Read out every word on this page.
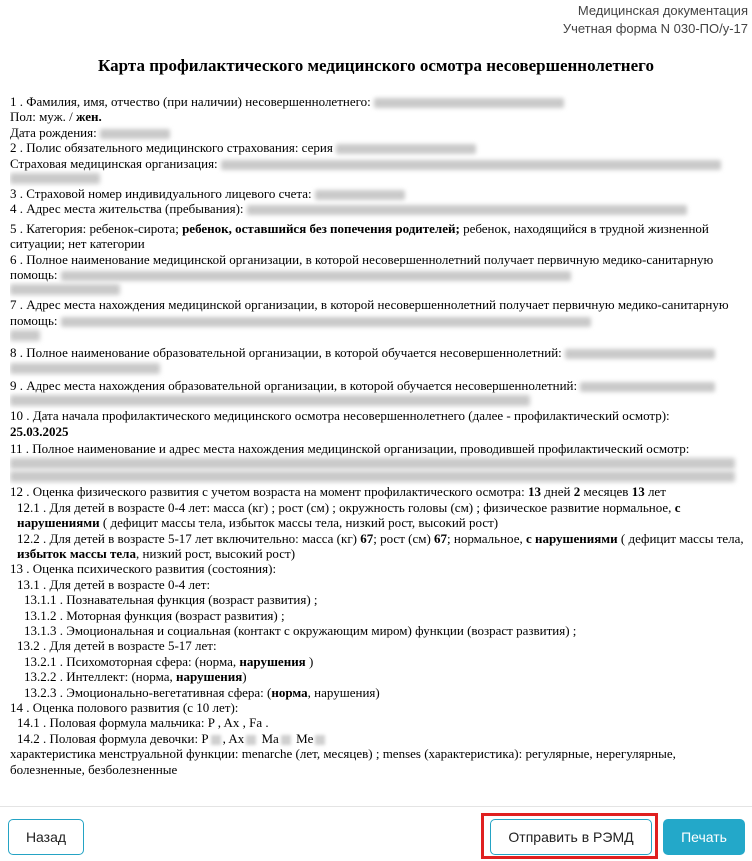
Медицинская документация
Учетная форма N 030-ПО/у-17
Карта профилактического медицинского осмотра несовершеннолетнего
1 . Фамилия, имя, отчество (при наличии) несовершеннолетнего:
Пол: муж. / жен.
Дата рождения:
2 . Полис обязательного медицинского страхования: серия
Страховая медицинская организация:
3 . Страховой номер индивидуального лицевого счета:
4 . Адрес места жительства (пребывания):
5 . Категория: ребенок-сирота; ребенок, оставшийся без попечения родителей; ребенок, находящийся в трудной жизненной ситуации; нет категории
6 . Полное наименование медицинской организации, в которой несовершеннолетний получает первичную медико-санитарную помощь:
7 . Адрес места нахождения медицинской организации, в которой несовершеннолетний получает первичную медико-санитарную помощь:
8 . Полное наименование образовательной организации, в которой обучается несовершеннолетний:
9 . Адрес места нахождения образовательной организации, в которой обучается несовершеннолетний:
10 . Дата начала профилактического медицинского осмотра несовершеннолетнего (далее - профилактический осмотр):
25.03.2025
11 . Полное наименование и адрес места нахождения медицинской организации, проводившей профилактический осмотр:
12 . Оценка физического развития с учетом возраста на момент профилактического осмотра: 13 дней 2 месяцев 13 лет
12.1 . Для детей в возрасте 0-4 лет: масса (кг) ; рост (см) ; окружность головы (см) ; физическое развитие нормальное, с нарушениями ( дефицит массы тела, избыток массы тела, низкий рост, высокий рост)
12.2 . Для детей в возрасте 5-17 лет включительно: масса (кг) 67; рост (см) 67; нормальное, с нарушениями ( дефицит массы тела, избыток массы тела, низкий рост, высокий рост)
13 . Оценка психического развития (состояния):
13.1 . Для детей в возрасте 0-4 лет:
13.1.1 . Познавательная функция (возраст развития) ;
13.1.2 . Моторная функция (возраст развития) ;
13.1.3 . Эмоциональная и социальная (контакт с окружающим миром) функции (возраст развития) ;
13.2 . Для детей в возрасте 5-17 лет:
13.2.1 . Психомоторная сфера: (норма, нарушения )
13.2.2 . Интеллект: (норма, нарушения)
13.2.3 . Эмоционально-вегетативная сфера: (норма, нарушения)
14 . Оценка полового развития (с 10 лет):
14.1 . Половая формула мальчика: P , Ax , Fa .
14.2 . Половая формула девочки: P , Ax Ma Me
характеристика менструальной функции: menarche (лет, месяцев) ; menses (характеристика): регулярные, нерегулярные, болезненные, безболезненные
Назад	Отправить в РЭМД	Печать
